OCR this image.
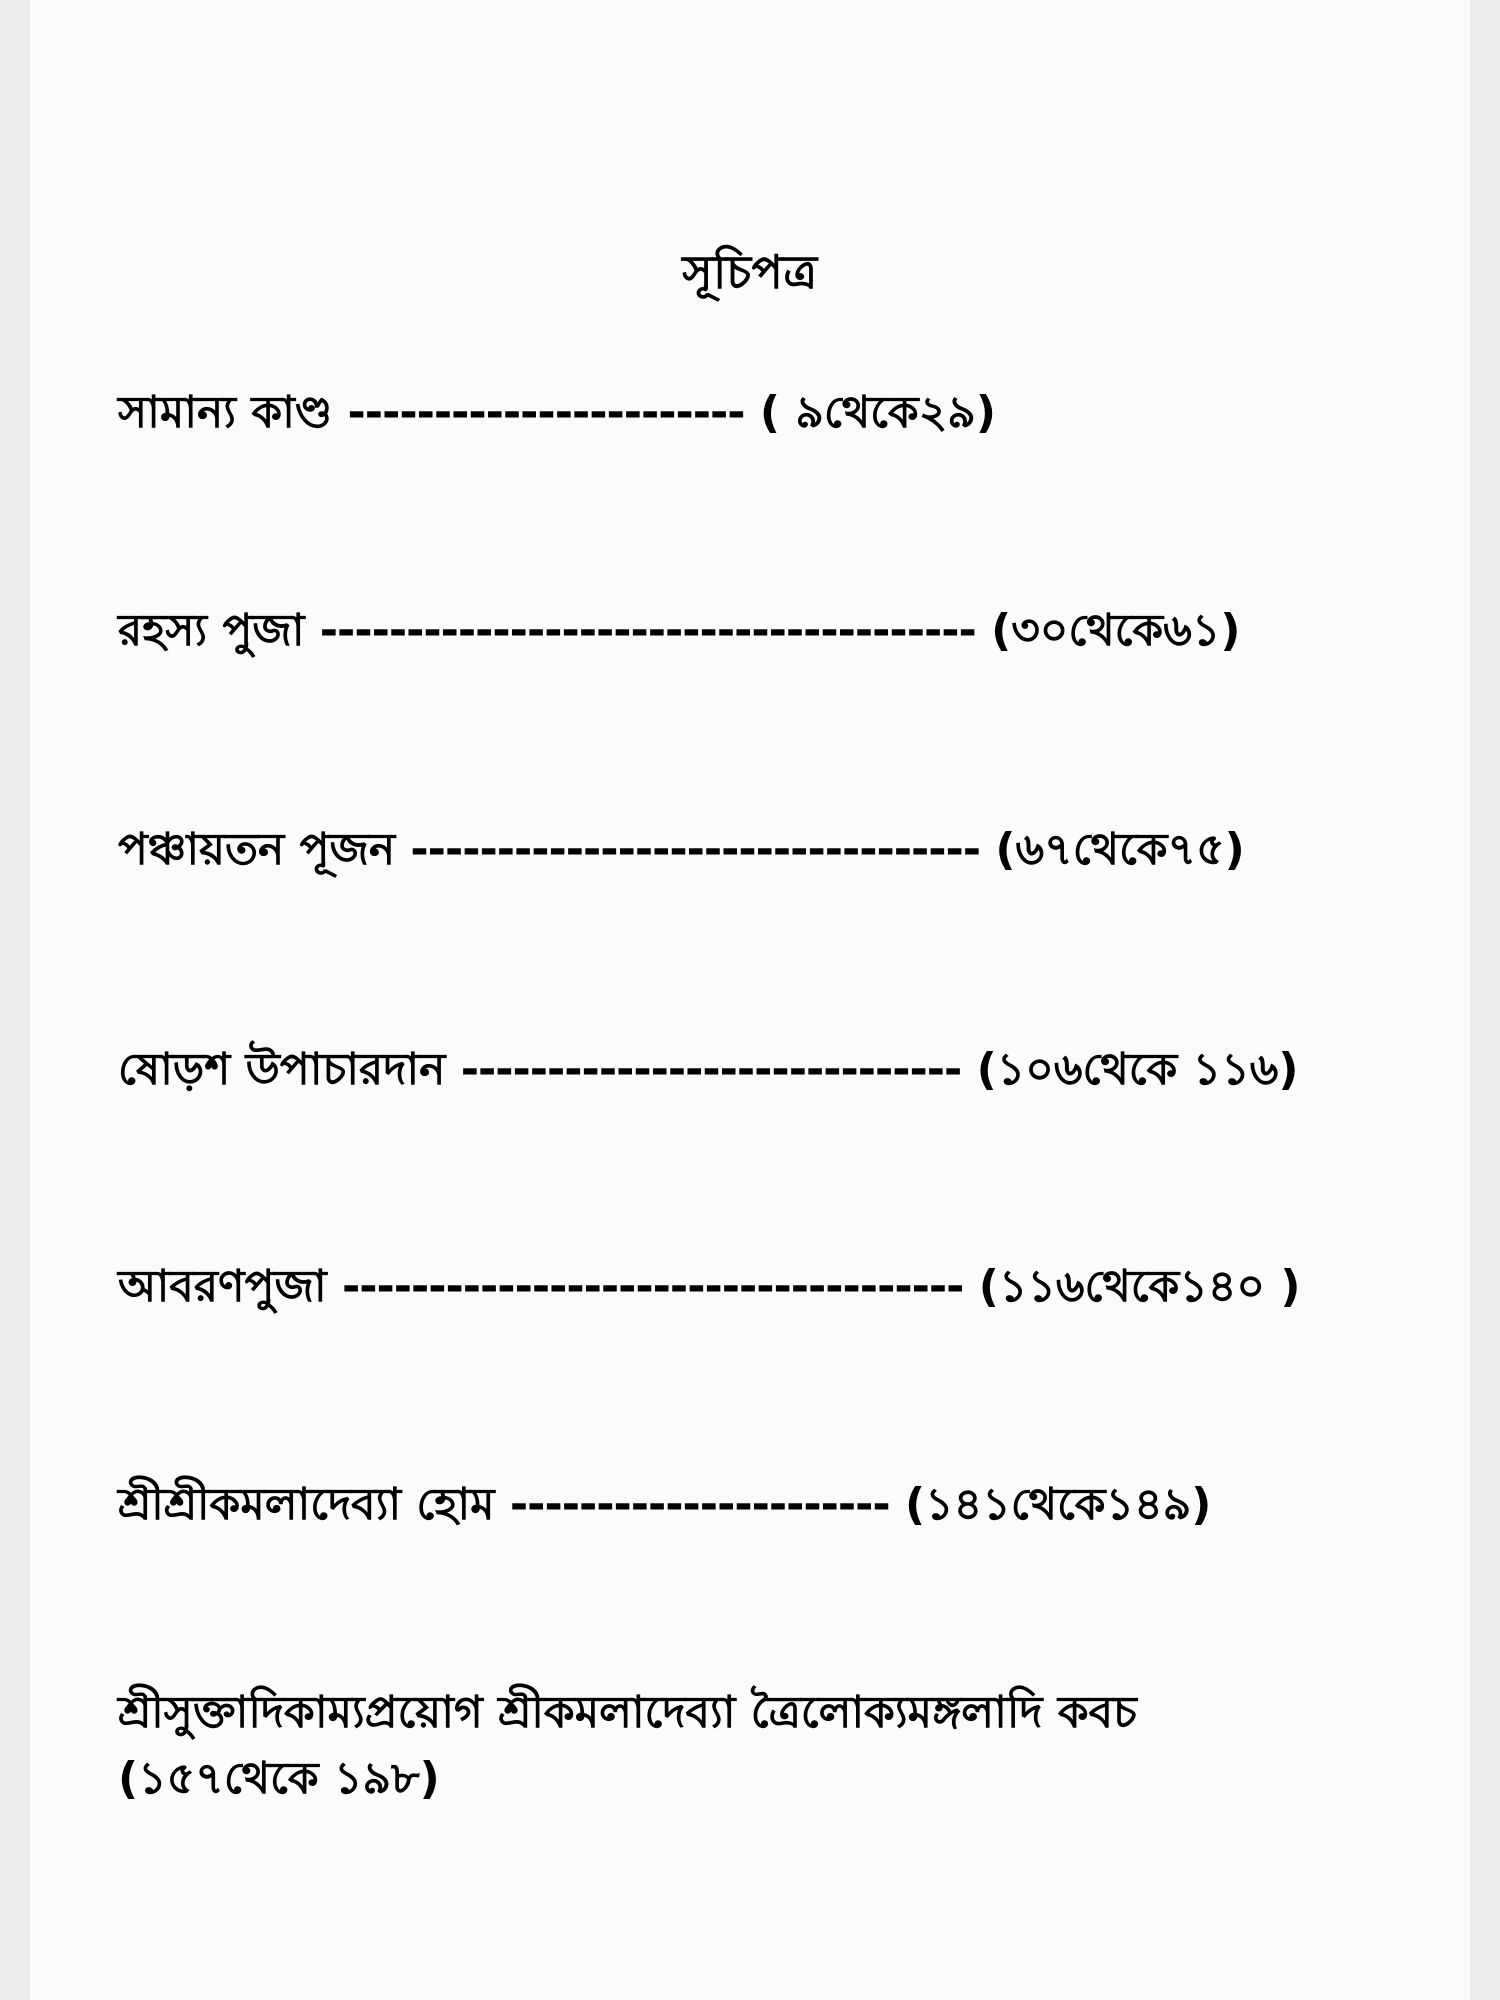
সূচিপত্র
সামান্য কাণ্ড ----------------------- ( ৯থেকে২৯)
রহস্য পুজা -------------------------------------- (৩০থেকে৬১)
পঞ্চায়তন পূজন --------------------------------- (৬৭থেকে৭৫)
ষোড়শ উপাচারদান ----------------------------- (১০৬থেকে ১১৬)
আবরণপুজা ------------------------------------ (১১৬থেকে১৪০ )
শ্রীশ্রীকমলাদেব্যা হোম ---------------------- (১৪১থেকে১৪৯)
শ্রীসুক্তাদিকাম্যপ্রয়োগ শ্রীকমলাদেব্যা ত্রৈলোক্যমঙ্গলাদি কবচ
(১৫৭থেকে ১৯৮)
